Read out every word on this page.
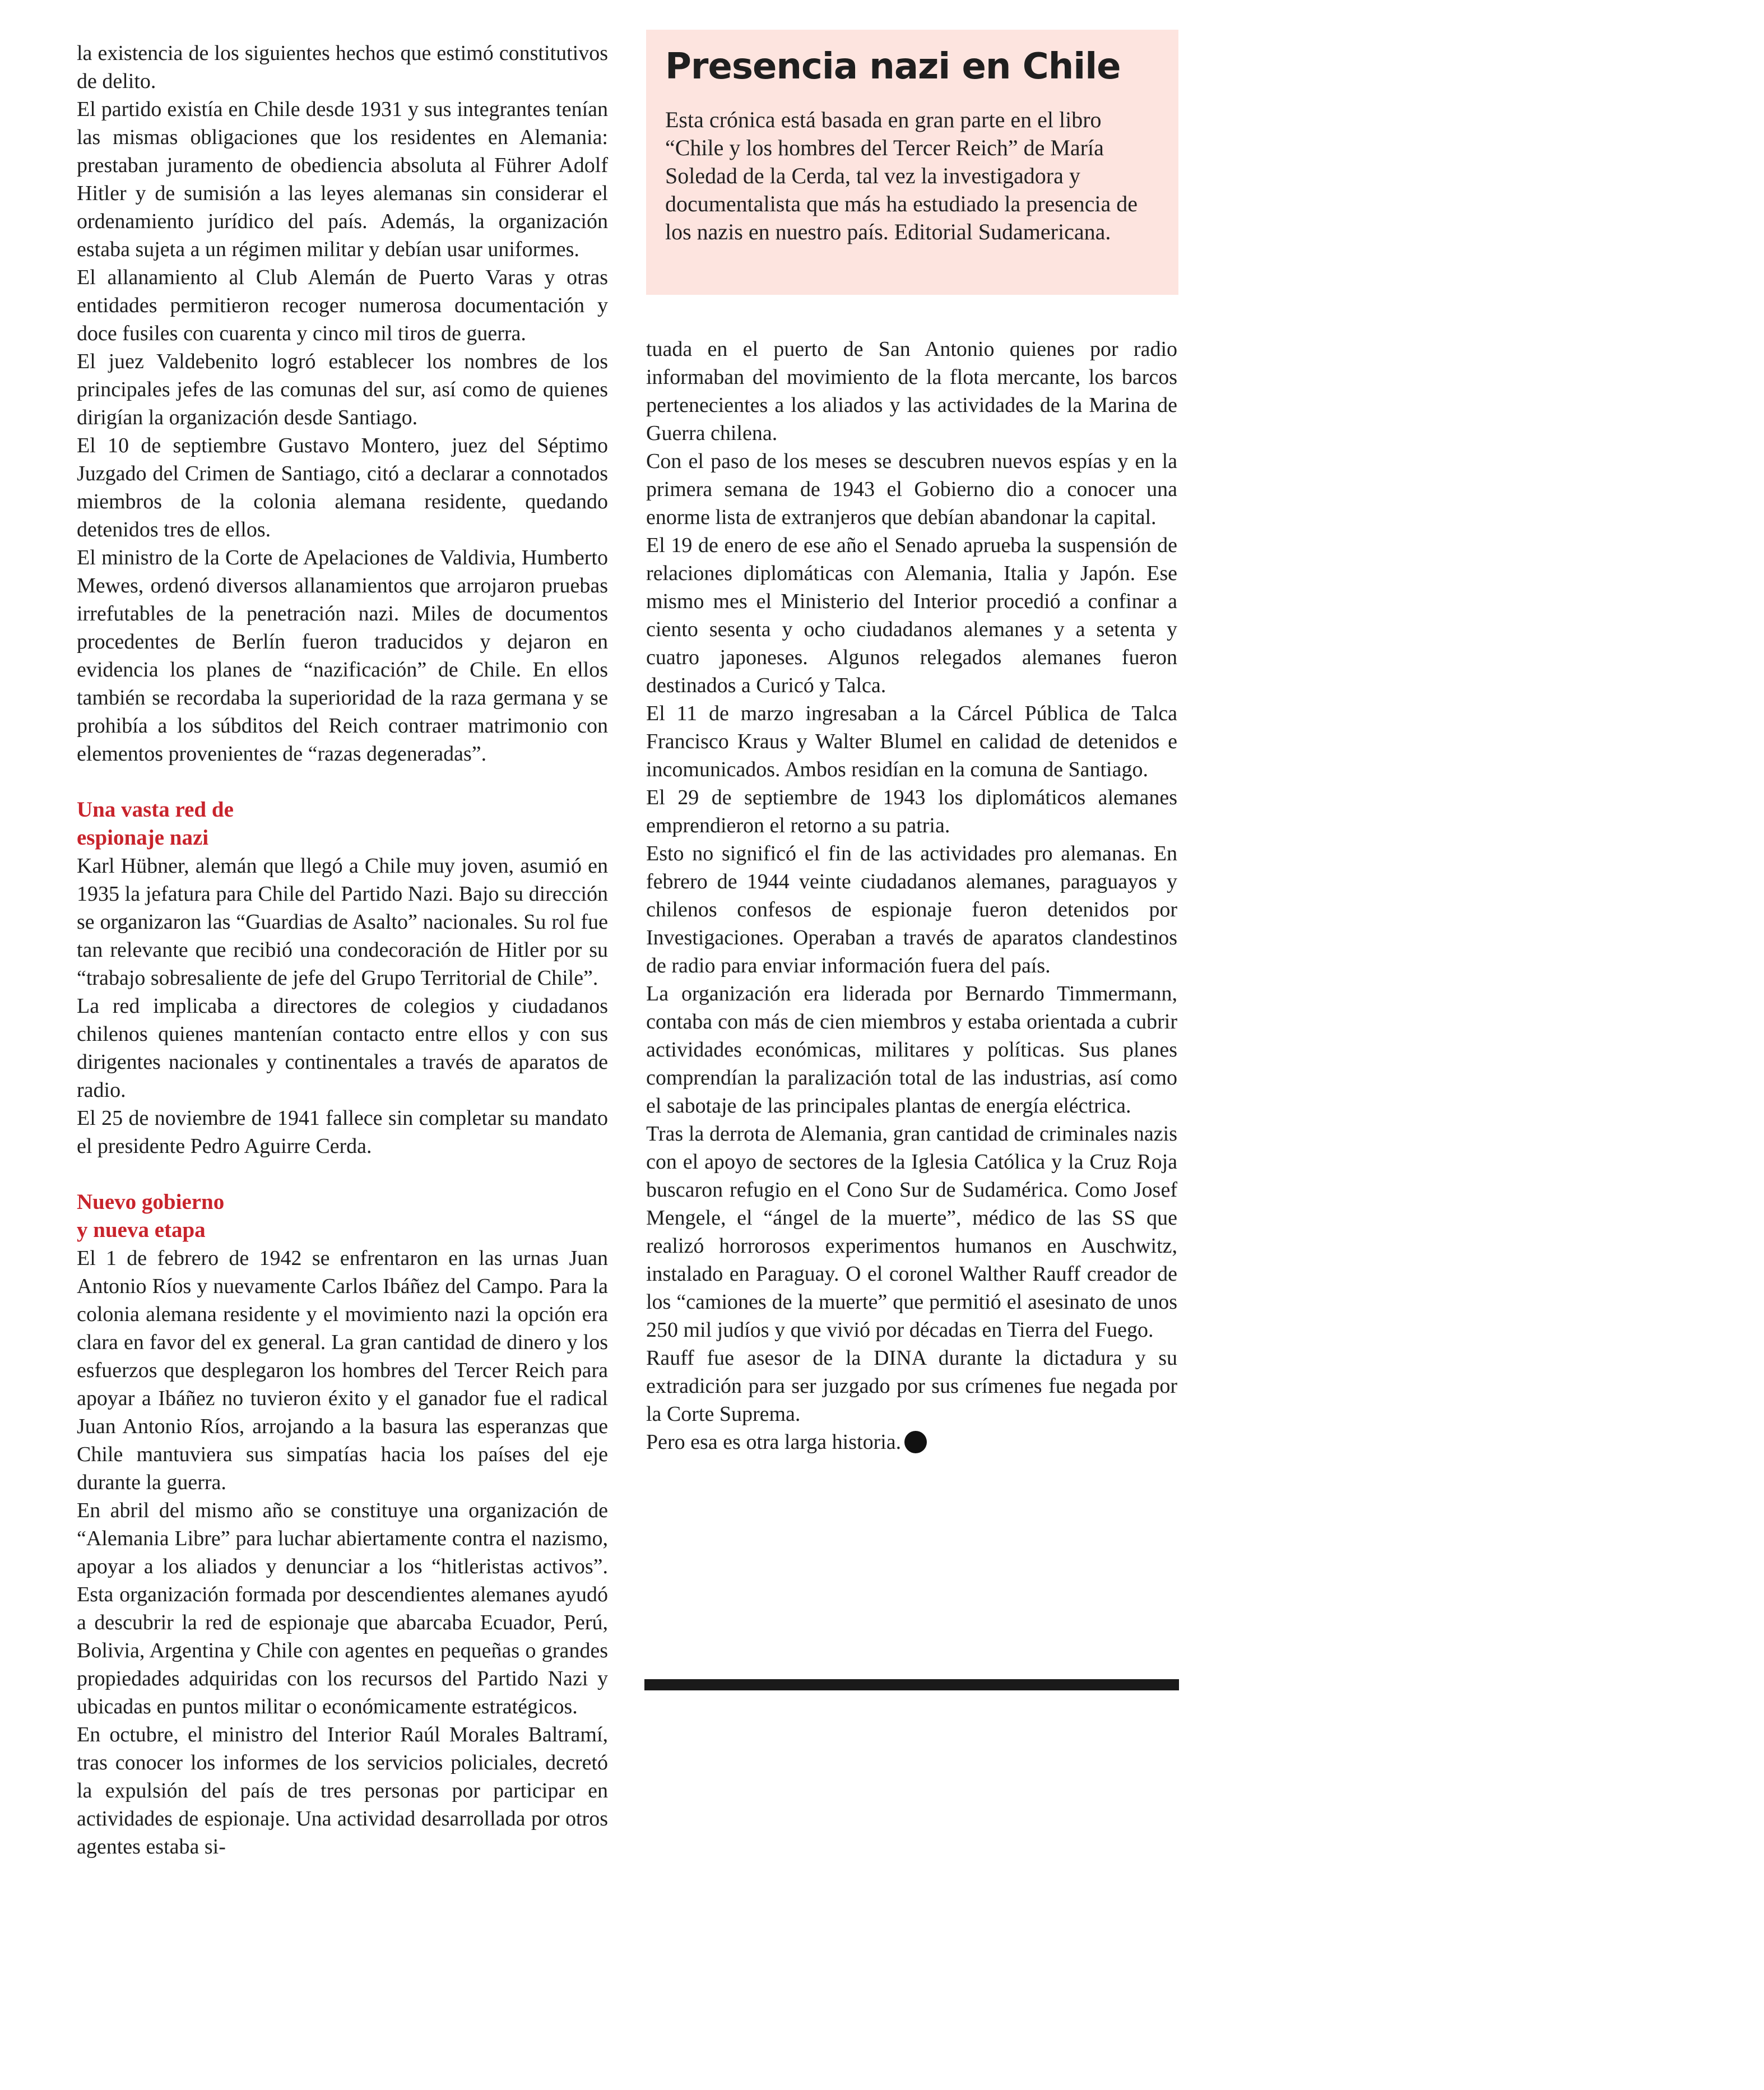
la existencia de los siguientes hechos que estimó constitutivos de delito.

El partido existía en Chile desde 1931 y sus integrantes tenían las mismas obligaciones que los residentes en Alemania: prestaban juramento de obediencia absoluta al Führer Adolf Hitler y de sumisión a las leyes alemanas sin considerar el ordenamiento jurídico del país. Además, la organización estaba sujeta a un régimen militar y debían usar uniformes.

El allanamiento al Club Alemán de Puerto Varas y otras entidades permitieron recoger numerosa documentación y doce fusiles con cuarenta y cinco mil tiros de guerra.

El juez Valdebenito logró establecer los nombres de los principales jefes de las comunas del sur, así como de quienes dirigían la organización desde Santiago.

El 10 de septiembre Gustavo Montero, juez del Séptimo Juzgado del Crimen de Santiago, citó a declarar a connotados miembros de la colonia alemana residente, quedando detenidos tres de ellos.

El ministro de la Corte de Apelaciones de Valdivia, Humberto Mewes, ordenó diversos allanamientos que arrojaron pruebas irrefutables de la penetración nazi. Miles de documentos procedentes de Berlín fueron traducidos y dejaron en evidencia los planes de “nazificación” de Chile. En ellos también se recordaba la superioridad de la raza germana y se prohibía a los súbditos del Reich contraer matrimonio con elementos provenientes de “razas degeneradas”.

Una vasta red de
espionaje nazi

Karl Hübner, alemán que llegó a Chile muy joven, asumió en 1935 la jefatura para Chile del Partido Nazi. Bajo su dirección se organizaron las “Guardias de Asalto” nacionales. Su rol fue tan relevante que recibió una condecoración de Hitler por su “trabajo sobresaliente de jefe del Grupo Territorial de Chile”.

La red implicaba a directores de colegios y ciudadanos chilenos quienes mantenían contacto entre ellos y con sus dirigentes nacionales y continentales a través de aparatos de radio.

El 25 de noviembre de 1941 fallece sin completar su mandato el presidente Pedro Aguirre Cerda.

Nuevo gobierno
y nueva etapa

El 1 de febrero de 1942 se enfrentaron en las urnas Juan Antonio Ríos y nuevamente Carlos Ibáñez del Campo. Para la colonia alemana residente y el movimiento nazi la opción era clara en favor del ex general. La gran cantidad de dinero y los esfuerzos que desplegaron los hombres del Tercer Reich para apoyar a Ibáñez no tuvieron éxito y el ganador fue el radical Juan Antonio Ríos, arrojando a la basura las esperanzas que Chile mantuviera sus simpatías hacia los países del eje durante la guerra.

En abril del mismo año se constituye una organización de “Alemania Libre” para luchar abiertamente contra el nazismo, apoyar a los aliados y denunciar a los “hitleristas activos”. Esta organización formada por descendientes alemanes ayudó a descubrir la red de espionaje que abarcaba Ecuador, Perú, Bolivia, Argentina y Chile con agentes en pequeñas o grandes propiedades adquiridas con los recursos del Partido Nazi y ubicadas en puntos militar o económicamente estratégicos.

En octubre, el ministro del Interior Raúl Morales Baltramí, tras conocer los informes de los servicios policiales, decretó la expulsión del país de tres personas por participar en actividades de espionaje. Una actividad desarrollada por otros agentes estaba si-

Presencia nazi en Chile

Esta crónica está basada en gran parte en el libro “Chile y los hombres del Tercer Reich” de María Soledad de la Cerda, tal vez la investigadora y documentalista que más ha estudiado la presencia de los nazis en nuestro país. Editorial Sudamericana.

tuada en el puerto de San Antonio quienes por radio informaban del movimiento de la flota mercante, los barcos pertenecientes a los aliados y las actividades de la Marina de Guerra chilena.

Con el paso de los meses se descubren nuevos espías y en la primera semana de 1943 el Gobierno dio a conocer una enorme lista de extranjeros que debían abandonar la capital.

El 19 de enero de ese año el Senado aprueba la suspensión de relaciones diplomáticas con Alemania, Italia y Japón. Ese mismo mes el Ministerio del Interior procedió a confinar a ciento sesenta y ocho ciudadanos alemanes y a setenta y cuatro japoneses. Algunos relegados alemanes fueron destinados a Curicó y Talca.

El 11 de marzo ingresaban a la Cárcel Pública de Talca Francisco Kraus y Walter Blumel en calidad de detenidos e incomunicados. Ambos residían en la comuna de Santiago.

El 29 de septiembre de 1943 los diplomáticos alemanes emprendieron el retorno a su patria.

Esto no significó el fin de las actividades pro alemanas. En febrero de 1944 veinte ciudadanos alemanes, paraguayos y chilenos confesos de espionaje fueron detenidos por Investigaciones. Operaban a través de aparatos clandestinos de radio para enviar información fuera del país.

La organización era liderada por Bernardo Timmermann, contaba con más de cien miembros y estaba orientada a cubrir actividades económicas, militares y políticas. Sus planes comprendían la paralización total de las industrias, así como el sabotaje de las principales plantas de energía eléctrica.

Tras la derrota de Alemania, gran cantidad de criminales nazis con el apoyo de sectores de la Iglesia Católica y la Cruz Roja buscaron refugio en el Cono Sur de Sudamérica. Como Josef Mengele, el “ángel de la muerte”, médico de las SS que realizó horrorosos experimentos humanos en Auschwitz, instalado en Paraguay. O el coronel Walther Rauff creador de los “camiones de la muerte” que permitió el asesinato de unos 250 mil judíos y que vivió por décadas en Tierra del Fuego.

Rauff fue asesor de la DINA durante la dictadura y su extradición para ser juzgado por sus crímenes fue negada por la Corte Suprema.

Pero esa es otra larga historia.
